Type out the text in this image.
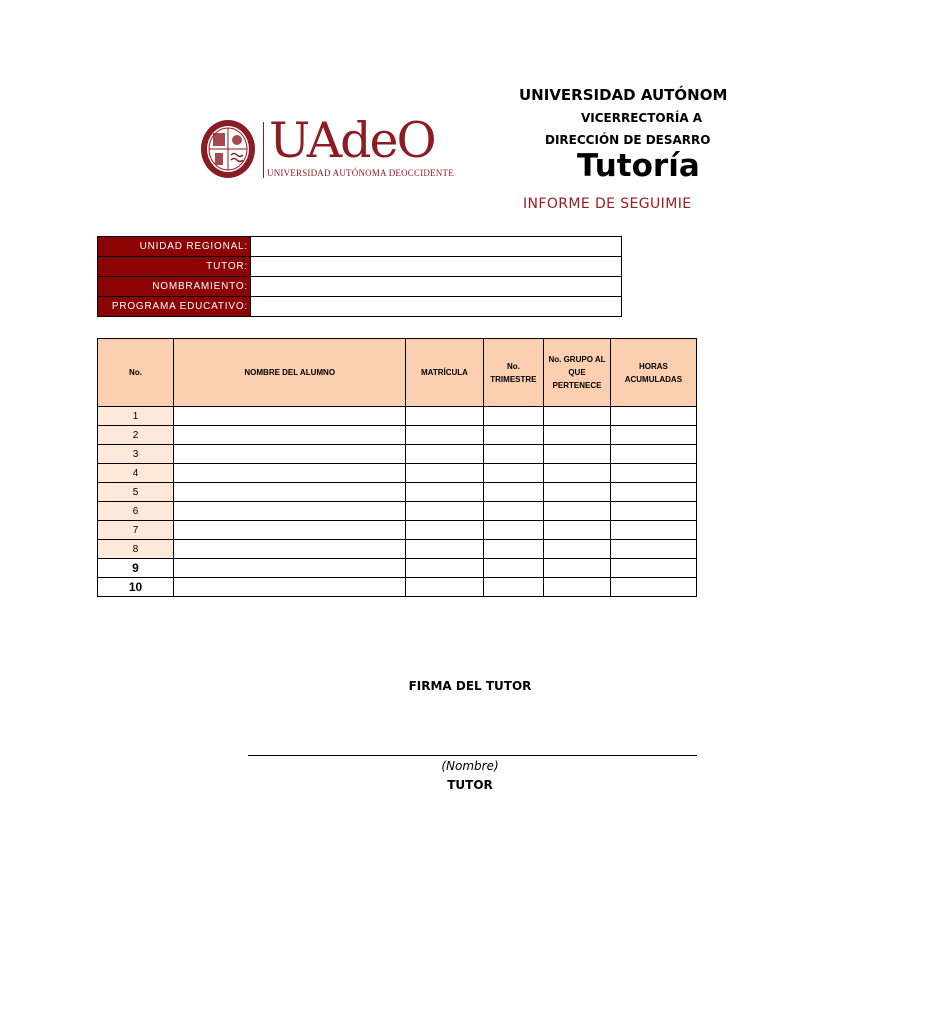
UNIVERSIDAD AUTÓNOM
VICERRECTORÍA A
DIRECCIÓN DE DESARRO
Tutoría
INFORME DE SEGUIMIE
UAdeO
UNIVERSIDAD AUTÓNOMA DEOCCIDENTE
UNIDAD REGIONAL:	
TUTOR:	
NOMBRAMIENTO:	
PROGRAMA EDUCATIVO:	
No.	NOMBRE DEL ALUMNO	MATRÍCULA	No. TRIMESTRE	No. GRUPO AL QUE PERTENECE	HORAS ACUMULADAS
1					
2					
3					
4					
5					
6					
7					
8					
9					
10					
FIRMA DEL TUTOR
(Nombre)
TUTOR
